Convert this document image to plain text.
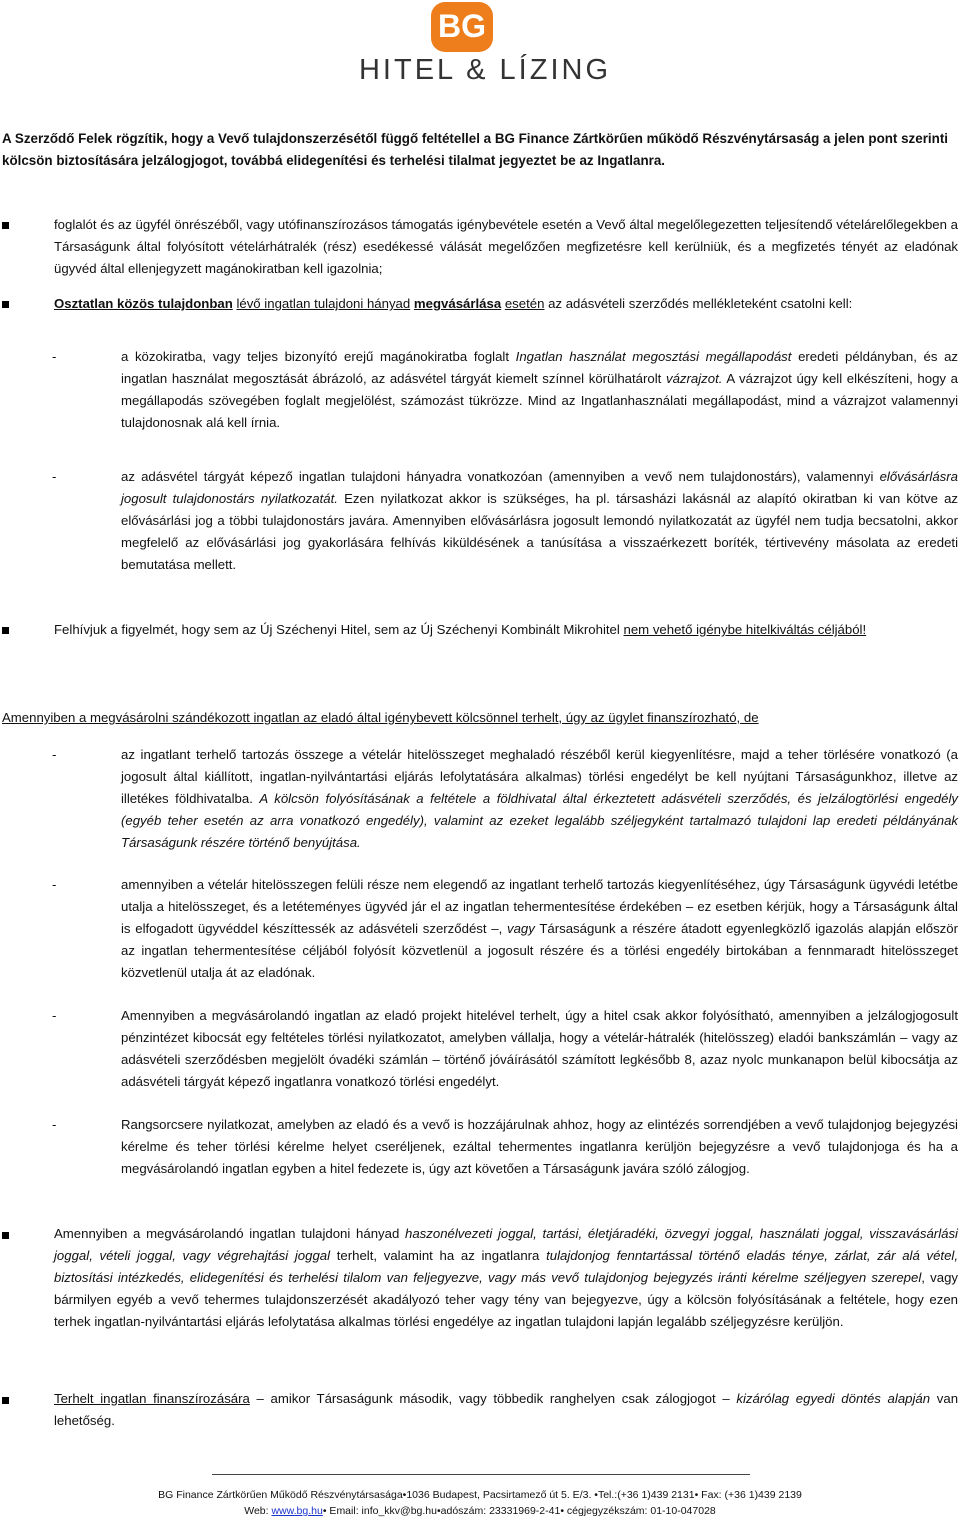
BG
HITEL & LÍZING

A Szerződő Felek rögzítik, hogy a Vevő tulajdonszerzésétől függő feltétellel a BG Finance Zártkörűen működő Részvénytársaság a jelen pont szerinti kölcsön biztosítására jelzálogjogot, továbbá elidegenítési és terhelési tilalmat jegyeztet be az Ingatlanra.

foglalót és az ügyfél önrészéből, vagy utófinanszírozásos támogatás igénybevétele esetén a Vevő által megelőlegezetten teljesítendő vételárelőlegekben a Társaságunk által folyósított vételárhátralék (rész) esedékessé válását megelőzően megfizetésre kell kerülniük, és a megfizetés tényét az eladónak ügyvéd által ellenjegyzett magánokiratban kell igazolnia;

Osztatlan közös tulajdonban lévő ingatlan tulajdoni hányad megvásárlása esetén az adásvételi szerződés mellékleteként csatolni kell:

-	a közokiratba, vagy teljes bizonyító erejű magánokiratba foglalt Ingatlan használat megosztási megállapodást eredeti példányban, és az ingatlan használat megosztását ábrázoló, az adásvétel tárgyát kiemelt színnel körülhatárolt vázrajzot. A vázrajzot úgy kell elkészíteni, hogy a megállapodás szövegében foglalt megjelölést, számozást tükrözze. Mind az Ingatlanhasználati megállapodást, mind a vázrajzot valamennyi tulajdonosnak alá kell írnia.

-	az adásvétel tárgyát képező ingatlan tulajdoni hányadra vonatkozóan (amennyiben a vevő nem tulajdonostárs), valamennyi elővásárlásra jogosult tulajdonostárs nyilatkozatát. Ezen nyilatkozat akkor is szükséges, ha pl. társasházi lakásnál az alapító okiratban ki van kötve az elővásárlási jog a többi tulajdonostárs javára. Amennyiben elővásárlásra jogosult lemondó nyilatkozatát az ügyfél nem tudja becsatolni, akkor megfelelő az elővásárlási jog gyakorlására felhívás kiküldésének a tanúsítása a visszaérkezett boríték, tértivevény másolata az eredeti bemutatása mellett.

Felhívjuk a figyelmét, hogy sem az Új Széchenyi Hitel, sem az Új Széchenyi Kombinált Mikrohitel nem vehető igénybe hitelkiváltás céljából!

Amennyiben a megvásárolni szándékozott ingatlan az eladó által igénybevett kölcsönnel terhelt, úgy az ügylet finanszírozható, de

-	az ingatlant terhelő tartozás összege a vételár hitelösszeget meghaladó részéből kerül kiegyenlítésre, majd a teher törlésére vonatkozó (a jogosult által kiállított, ingatlan-nyilvántartási eljárás lefolytatására alkalmas) törlési engedélyt be kell nyújtani Társaságunkhoz, illetve az illetékes földhivatalba. A kölcsön folyósításának a feltétele a földhivatal által érkeztetett adásvételi szerződés, és jelzálogtörlési engedély (egyéb teher esetén az arra vonatkozó engedély), valamint az ezeket legalább széljegyként tartalmazó tulajdoni lap eredeti példányának Társaságunk részére történő benyújtása.

-	amennyiben a vételár hitelösszegen felüli része nem elegendő az ingatlant terhelő tartozás kiegyenlítéséhez, úgy Társaságunk ügyvédi letétbe utalja a hitelösszeget, és a letéteményes ügyvéd jár el az ingatlan tehermentesítése érdekében – ez esetben kérjük, hogy a Társaságunk által is elfogadott ügyvéddel készíttessék az adásvételi szerződést –, vagy Társaságunk a részére átadott egyenlegközlő igazolás alapján először az ingatlan tehermentesítése céljából folyósít közvetlenül a jogosult részére és a törlési engedély birtokában a fennmaradt hitelösszeget közvetlenül utalja át az eladónak.

-	Amennyiben a megvásárolandó ingatlan az eladó projekt hitelével terhelt, úgy a hitel csak akkor folyósítható, amennyiben a jelzálogjogosult pénzintézet kibocsát egy feltételes törlési nyilatkozatot, amelyben vállalja, hogy a vételár-hátralék (hitelösszeg) eladói bankszámlán – vagy az adásvételi szerződésben megjelölt óvadéki számlán – történő jóváírásától számított legkésőbb 8, azaz nyolc munkanapon belül kibocsátja az adásvételi tárgyát képező ingatlanra vonatkozó törlési engedélyt.

-	Rangsorcsere nyilatkozat, amelyben az eladó és a vevő is hozzájárulnak ahhoz, hogy az elintézés sorrendjében a vevő tulajdonjog bejegyzési kérelme és teher törlési kérelme helyet cseréljenek, ezáltal tehermentes ingatlanra kerüljön bejegyzésre a vevő tulajdonjoga és ha a megvásárolandó ingatlan egyben a hitel fedezete is, úgy azt követően a Társaságunk javára szóló zálogjog.

Amennyiben a megvásárolandó ingatlan tulajdoni hányad haszonélvezeti joggal, tartási, életjáradéki, özvegyi joggal, használati joggal, visszavásárlási joggal, vételi joggal, vagy végrehajtási joggal terhelt, valamint ha az ingatlanra tulajdonjog fenntartással történő eladás ténye, zárlat, zár alá vétel, biztosítási intézkedés, elidegenítési és terhelési tilalom van feljegyezve, vagy más vevő tulajdonjog bejegyzés iránti kérelme széljegyen szerepel, vagy bármilyen egyéb a vevő tehermes tulajdonszerzését akadályozó teher vagy tény van bejegyezve, úgy a kölcsön folyósításának a feltétele, hogy ezen terhek ingatlan-nyilvántartási eljárás lefolytatása alkalmas törlési engedélye az ingatlan tulajdoni lapján legalább széljegyzésre kerüljön.

Terhelt ingatlan finanszírozására – amikor Társaságunk második, vagy többedik ranghelyen csak zálogjogot – kizárólag egyedi döntés alapján van lehetőség.

BG Finance Zártkörűen Működő Részvénytársasága•1036 Budapest, Pacsirtamező út 5. E/3. •Tel.:(+36 1)439 2131• Fax: (+36 1)439 2139
Web: www.bg.hu• Email: info_kkv@bg.hu•adószám: 23331969-2-41• cégjegyzékszám: 01-10-047028
